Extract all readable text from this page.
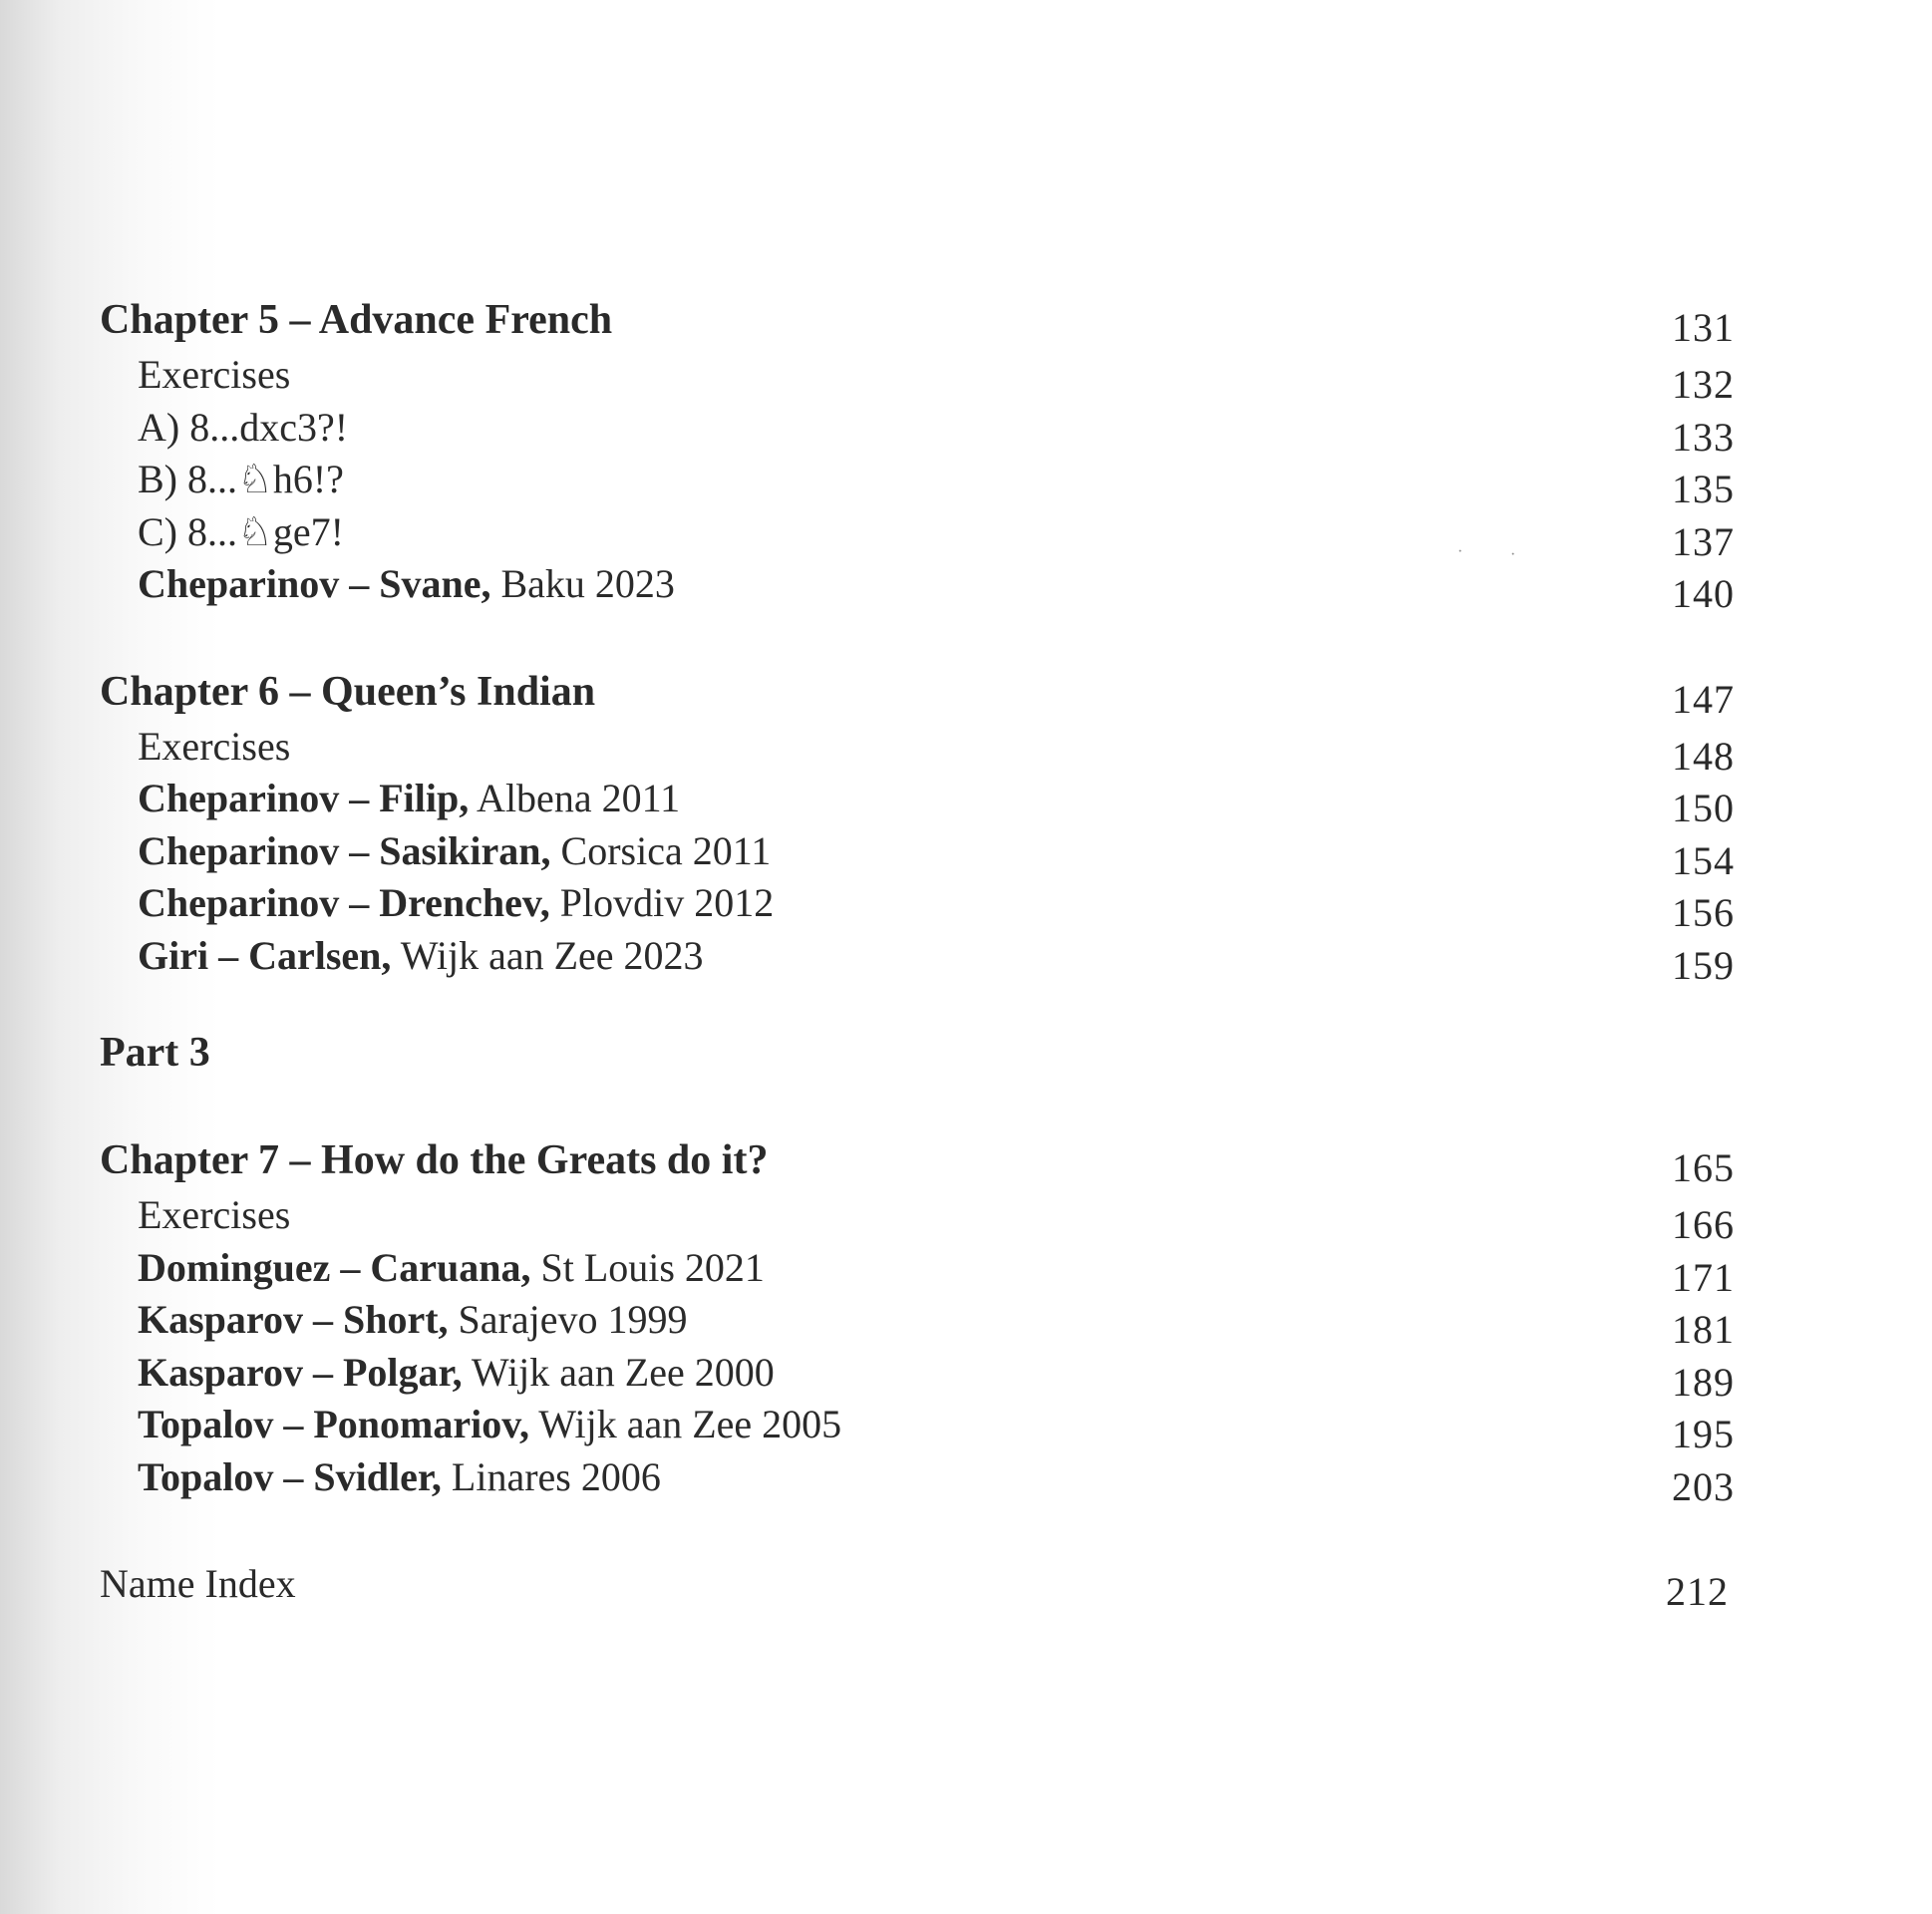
Chapter 5 – Advance French	131
Exercises	132
A) 8...dxc3?!	133
B) 8...♘h6!?	135
C) 8...♘ge7!	137
Cheparinov – Svane, Baku 2023	140
Chapter 6 – Queen’s Indian	147
Exercises	148
Cheparinov – Filip, Albena 2011	150
Cheparinov – Sasikiran, Corsica 2011	154
Cheparinov – Drenchev, Plovdiv 2012	156
Giri – Carlsen, Wijk aan Zee 2023	159
Part 3
Chapter 7 – How do the Greats do it?	165
Exercises	166
Dominguez – Caruana, St Louis 2021	171
Kasparov – Short, Sarajevo 1999	181
Kasparov – Polgar, Wijk aan Zee 2000	189
Topalov – Ponomariov, Wijk aan Zee 2005	195
Topalov – Svidler, Linares 2006	203
Name Index	212
·	·
